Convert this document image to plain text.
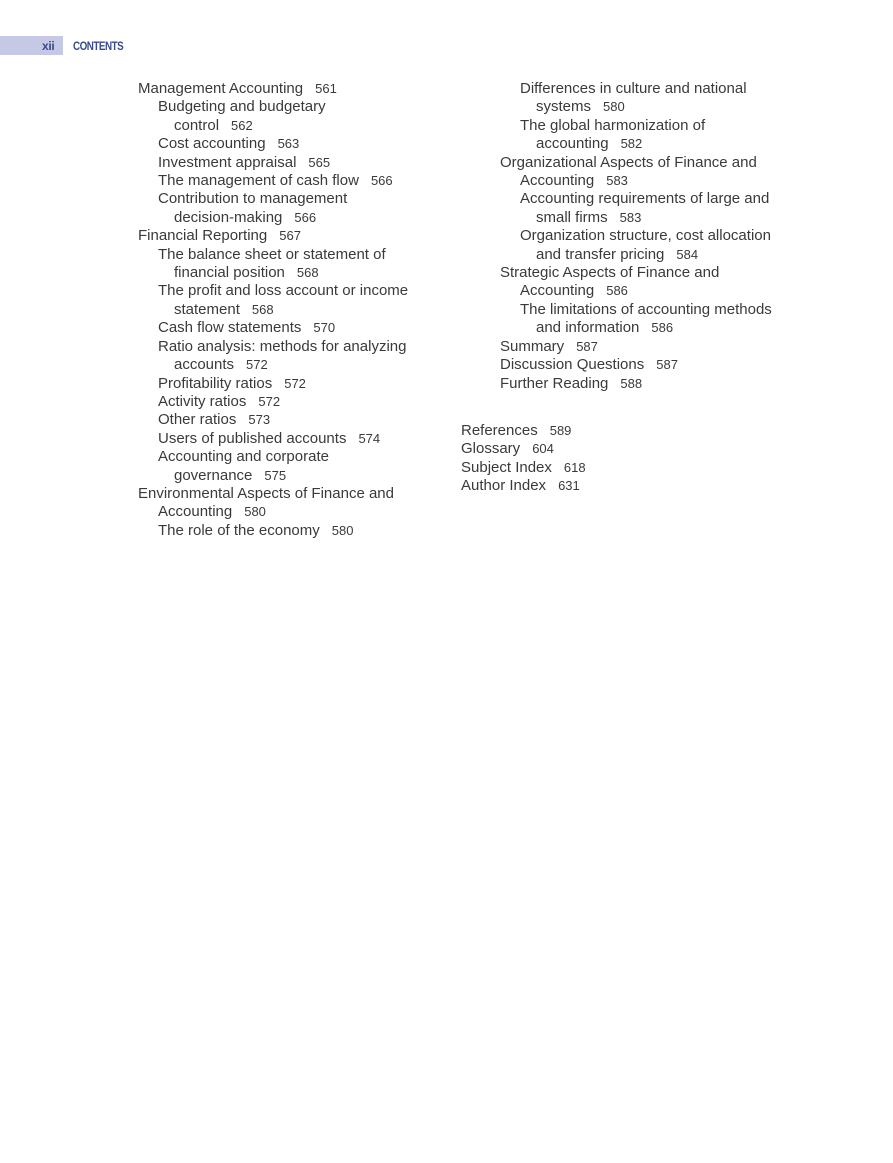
xii CONTENTS
Management Accounting 561
Budgeting and budgetary
control 562
Cost accounting 563
Investment appraisal 565
The management of cash flow 566
Contribution to management
decision-making 566
Financial Reporting 567
The balance sheet or statement of
financial position 568
The profit and loss account or income
statement 568
Cash flow statements 570
Ratio analysis: methods for analyzing
accounts 572
Profitability ratios 572
Activity ratios 572
Other ratios 573
Users of published accounts 574
Accounting and corporate
governance 575
Environmental Aspects of Finance and
Accounting 580
The role of the economy 580
Differences in culture and national
systems 580
The global harmonization of
accounting 582
Organizational Aspects of Finance and
Accounting 583
Accounting requirements of large and
small firms 583
Organization structure, cost allocation
and transfer pricing 584
Strategic Aspects of Finance and
Accounting 586
The limitations of accounting methods
and information 586
Summary 587
Discussion Questions 587
Further Reading 588
References 589
Glossary 604
Subject Index 618
Author Index 631
